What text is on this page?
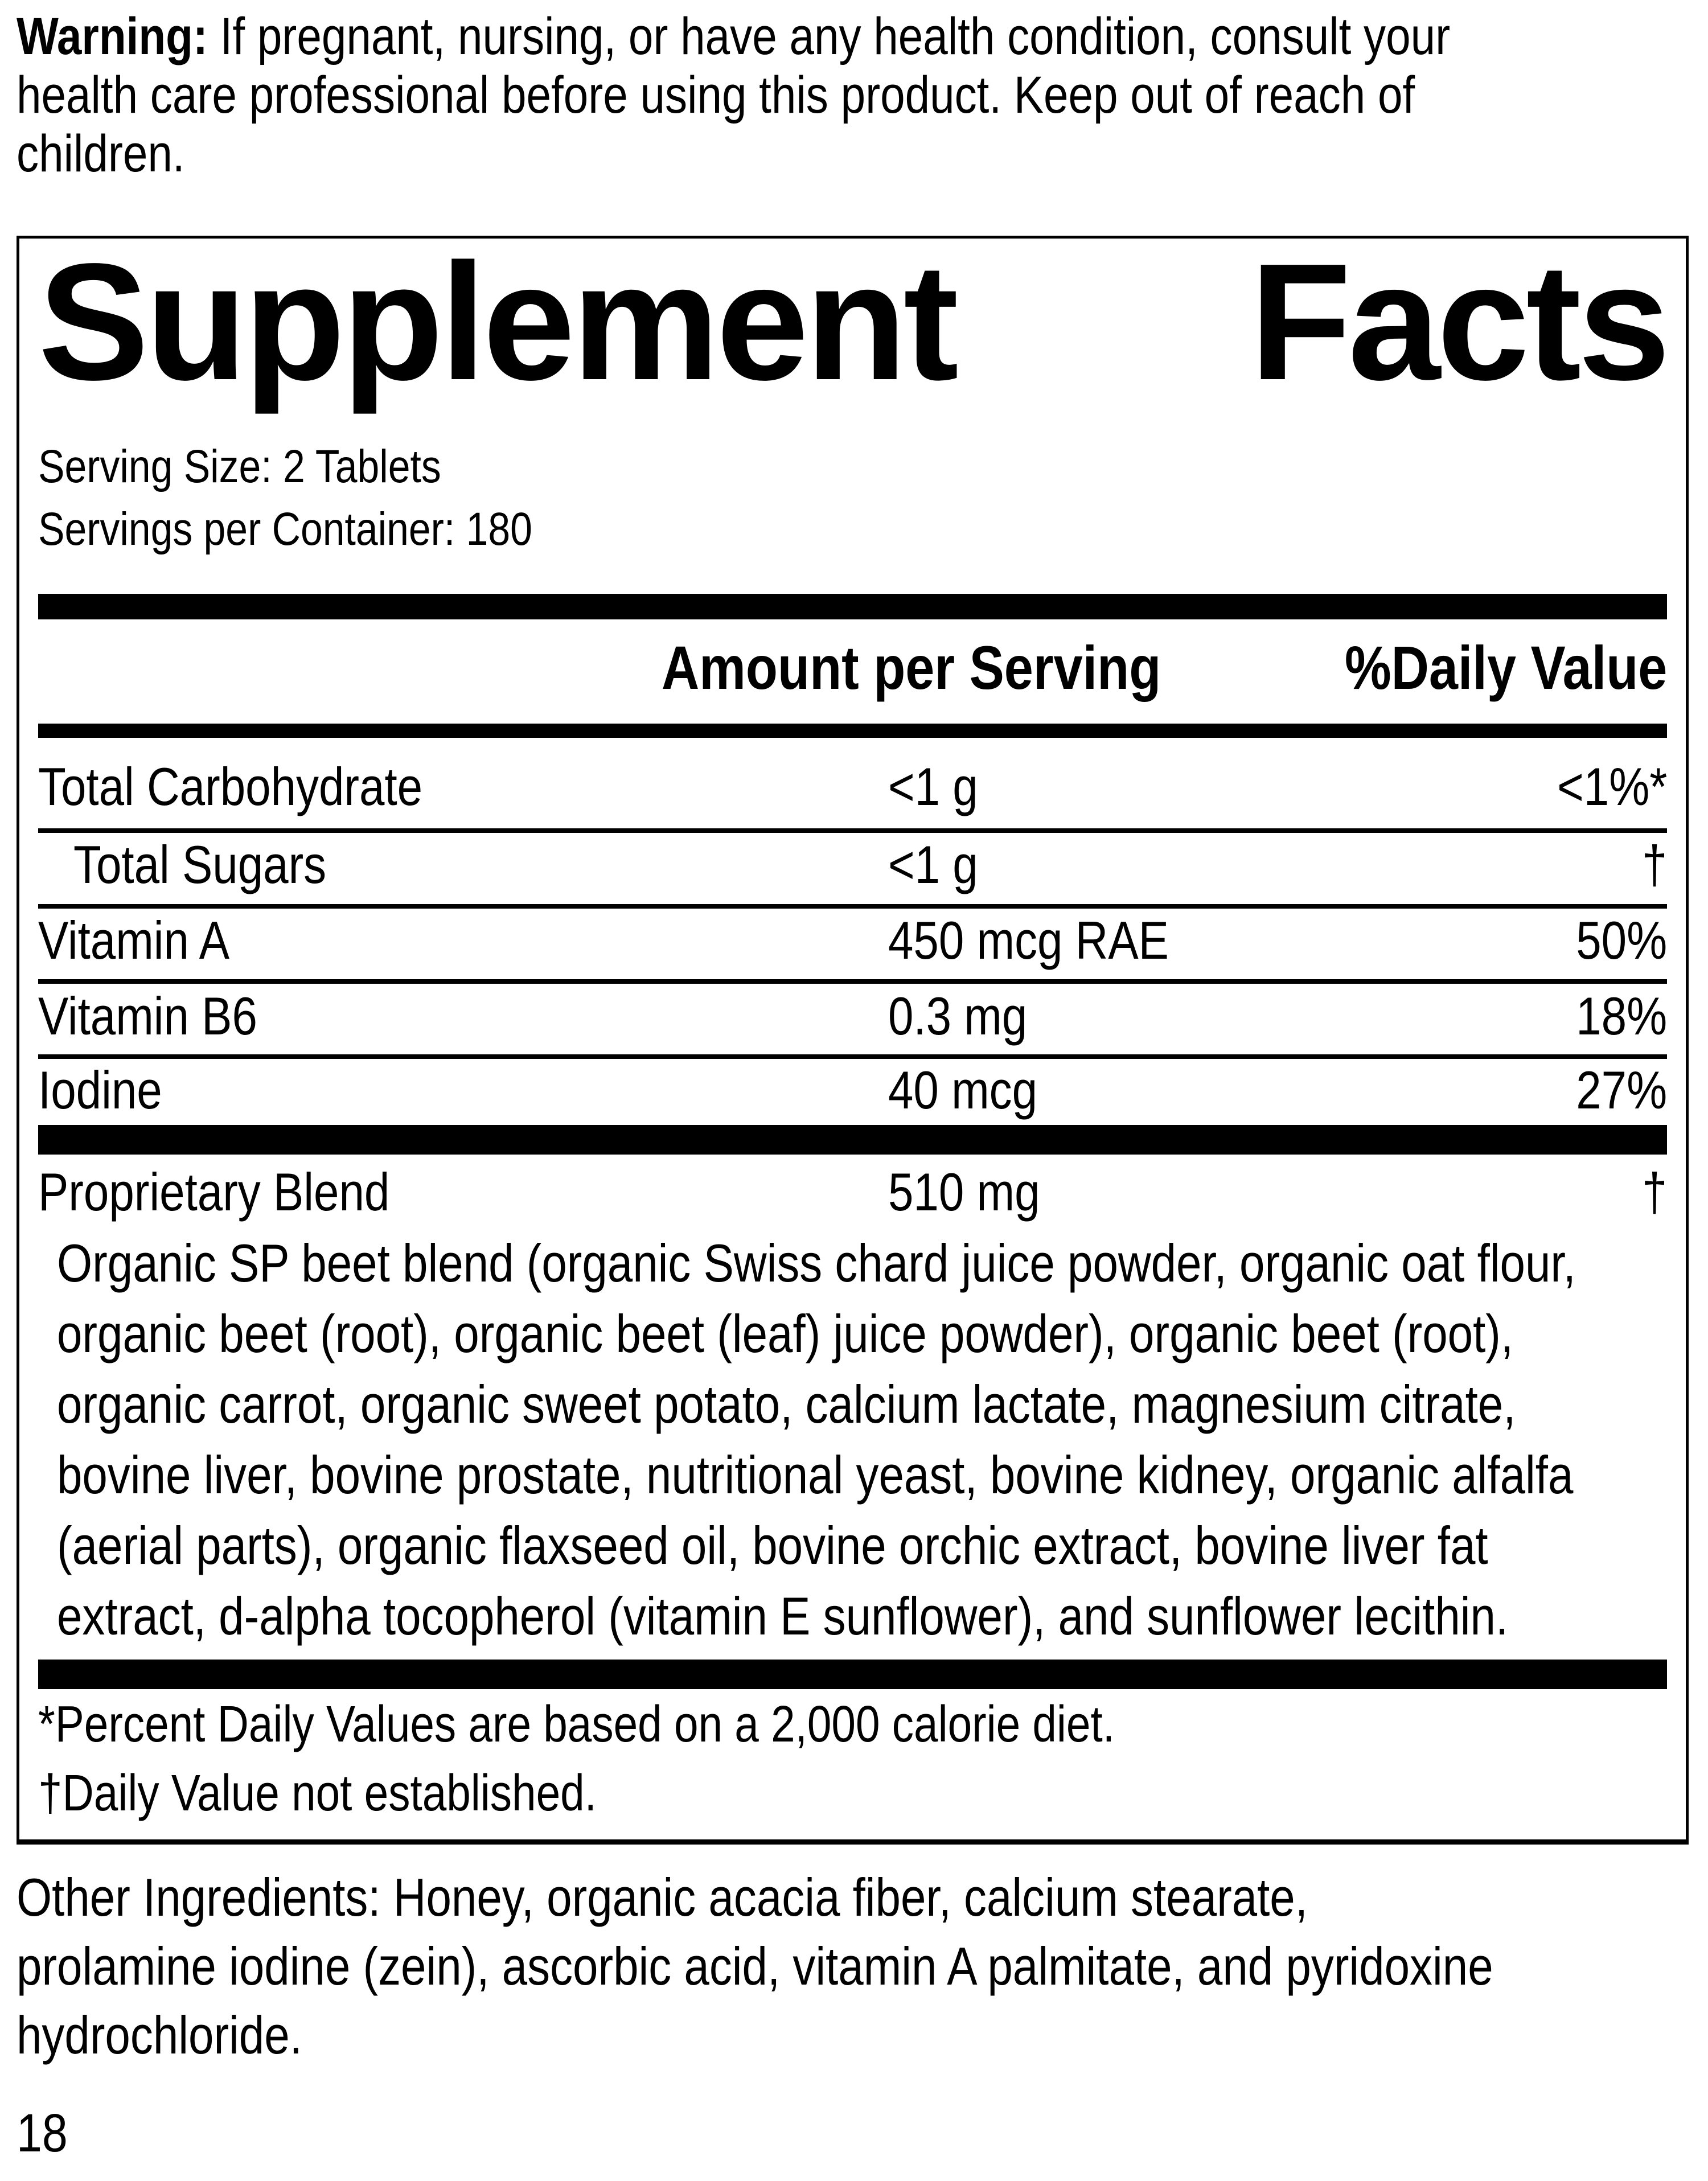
Warning: If pregnant, nursing, or have any health condition, consult your
health care professional before using this product. Keep out of reach of
children.
Supplement Facts
Serving Size: 2 Tablets
Servings per Container: 180
Amount per Serving	%Daily Value
Total Carbohydrate	<1 g	<1%*
Total Sugars	<1 g	†
Vitamin A	450 mcg RAE	50%
Vitamin B6	0.3 mg	18%
Iodine	40 mcg	27%
Proprietary Blend	510 mg	†
Organic SP beet blend (organic Swiss chard juice powder, organic oat flour,
organic beet (root), organic beet (leaf) juice powder), organic beet (root),
organic carrot, organic sweet potato, calcium lactate, magnesium citrate,
bovine liver, bovine prostate, nutritional yeast, bovine kidney, organic alfalfa
(aerial parts), organic flaxseed oil, bovine orchic extract, bovine liver fat
extract, d-alpha tocopherol (vitamin E sunflower), and sunflower lecithin.
*Percent Daily Values are based on a 2,000 calorie diet.
†Daily Value not established.
Other Ingredients: Honey, organic acacia fiber, calcium stearate,
prolamine iodine (zein), ascorbic acid, vitamin A palmitate, and pyridoxine
hydrochloride.
18
